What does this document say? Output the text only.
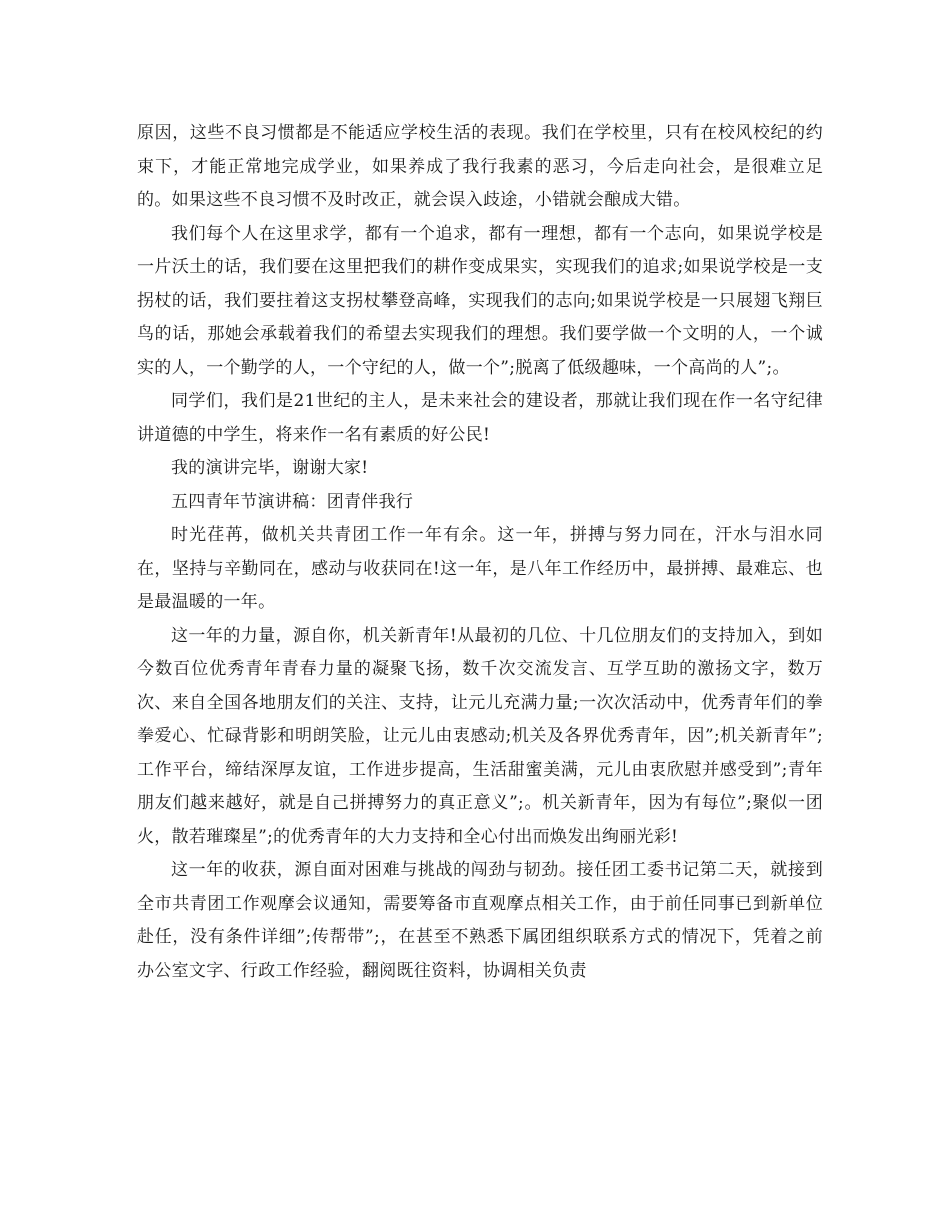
原因，这些不良习惯都是不能适应学校生活的表现。我们在学校里，只有在校风校纪的约束下，才能正常地完成学业，如果养成了我行我素的恶习，今后走向社会，是很难立足的。如果这些不良习惯不及时改正，就会误入歧途，小错就会酿成大错。

我们每个人在这里求学，都有一个追求，都有一理想，都有一个志向，如果说学校是一片沃土的话，我们要在这里把我们的耕作变成果实，实现我们的追求;如果说学校是一支拐杖的话，我们要拄着这支拐杖攀登高峰，实现我们的志向;如果说学校是一只展翅飞翔巨鸟的话，那她会承载着我们的希望去实现我们的理想。我们要学做一个文明的人，一个诚实的人，一个勤学的人，一个守纪的人，做一个”;脱离了低级趣味，一个高尚的人”;。

同学们，我们是21世纪的主人，是未来社会的建设者，那就让我们现在作一名守纪律讲道德的中学生，将来作一名有素质的好公民!

我的演讲完毕，谢谢大家!

五四青年节演讲稿：团青伴我行

时光荏苒，做机关共青团工作一年有余。这一年，拼搏与努力同在，汗水与泪水同在，坚持与辛勤同在，感动与收获同在!这一年，是八年工作经历中，最拼搏、最难忘、也是最温暖的一年。

这一年的力量，源自你，机关新青年!从最初的几位、十几位朋友们的支持加入，到如今数百位优秀青年青春力量的凝聚飞扬，数千次交流发言、互学互助的激扬文字，数万次、来自全国各地朋友们的关注、支持，让元儿充满力量;一次次活动中，优秀青年们的拳拳爱心、忙碌背影和明朗笑脸，让元儿由衷感动;机关及各界优秀青年，因”;机关新青年”;工作平台，缔结深厚友谊，工作进步提高，生活甜蜜美满，元儿由衷欣慰并感受到”;青年朋友们越来越好，就是自己拼搏努力的真正意义”;。机关新青年，因为有每位”;聚似一团火，散若璀璨星”;的优秀青年的大力支持和全心付出而焕发出绚丽光彩!

这一年的收获，源自面对困难与挑战的闯劲与韧劲。接任团工委书记第二天，就接到全市共青团工作观摩会议通知，需要筹备市直观摩点相关工作，由于前任同事已到新单位赴任，没有条件详细”;传帮带”;，在甚至不熟悉下属团组织联系方式的情况下，凭着之前办公室文字、行政工作经验，翻阅既往资料，协调相关负责
